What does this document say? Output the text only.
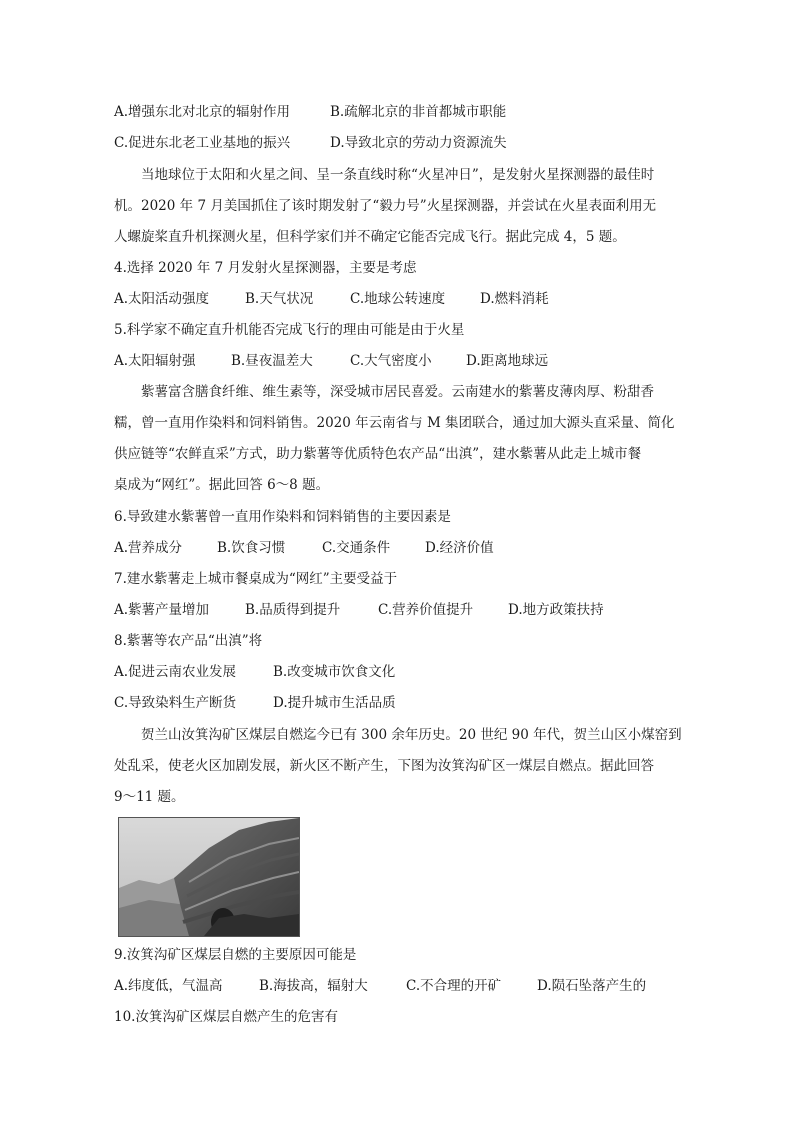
A.增强东北对北京的辐射作用	B.疏解北京的非首都城市职能
C.促进东北老工业基地的振兴	D.导致北京的劳动力资源流失
当地球位于太阳和火星之间、呈一条直线时称“火星冲日”，是发射火星探测器的最佳时
机。2020 年 7 月美国抓住了该时期发射了“毅力号”火星探测器，并尝试在火星表面利用无
人螺旋桨直升机探测火星，但科学家们并不确定它能否完成飞行。据此完成 4，5 题。
4.选择 2020 年 7 月发射火星探测器，主要是考虑
A.太阳活动强度	B.天气状况	C.地球公转速度	D.燃料消耗
5.科学家不确定直升机能否完成飞行的理由可能是由于火星
A.太阳辐射强	B.昼夜温差大	C.大气密度小	D.距离地球远
紫薯富含膳食纤维、维生素等，深受城市居民喜爱。云南建水的紫薯皮薄肉厚、粉甜香
糯，曾一直用作染料和饲料销售。2020 年云南省与 M 集团联合，通过加大源头直采量、简化
供应链等“农鲜直采”方式，助力紫薯等优质特色农产品“出滇”，建水紫薯从此走上城市餐
桌成为“网红”。据此回答 6～8 题。
6.导致建水紫薯曾一直用作染料和饲料销售的主要因素是
A.营养成分	B.饮食习惯	C.交通条件	D.经济价值
7.建水紫薯走上城市餐桌成为“网红”主要受益于
A.紫薯产量增加	B.品质得到提升	C.营养价值提升	D.地方政策扶持
8.紫薯等农产品“出滇”将
A.促进云南农业发展	B.改变城市饮食文化
C.导致染料生产断货	D.提升城市生活品质
贺兰山汝箕沟矿区煤层自燃迄今已有 300 余年历史。20 世纪 90 年代，贺兰山区小煤窑到
处乱采，使老火区加剧发展，新火区不断产生，下图为汝箕沟矿区一煤层自燃点。据此回答
9～11 题。
9.汝箕沟矿区煤层自燃的主要原因可能是
A.纬度低，气温高	B.海拔高，辐射大	C.不合理的开矿	D.陨石坠落产生的
10.汝箕沟矿区煤层自燃产生的危害有
